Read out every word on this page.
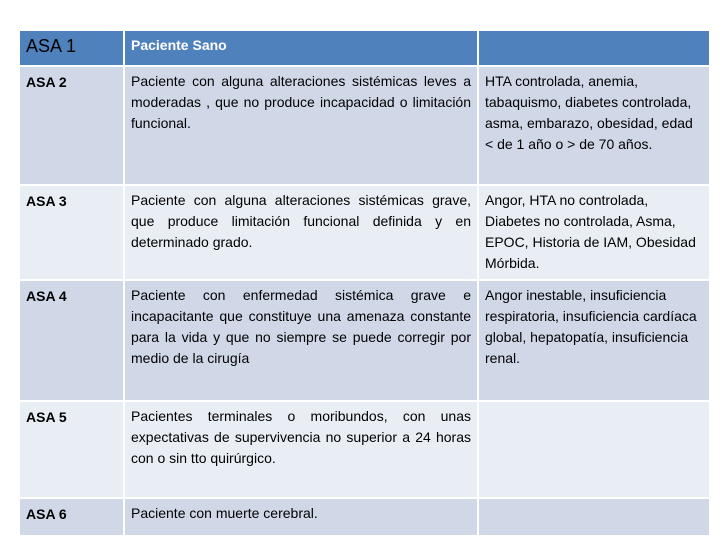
ASA 1	Paciente Sano	
ASA 2	Paciente con alguna alteraciones sistémicas leves a moderadas , que no produce incapacidad o limitación funcional.	HTA controlada, anemia, tabaquismo, diabetes controlada, asma, embarazo, obesidad, edad < de 1 año o > de 70 años.
ASA 3	Paciente con alguna alteraciones sistémicas grave, que produce limitación funcional definida y en determinado grado.	Angor, HTA no controlada, Diabetes no controlada, Asma, EPOC, Historia de IAM, Obesidad Mórbida.
ASA 4	Paciente con enfermedad sistémica grave e incapacitante que constituye una amenaza constante para la vida y que no siempre se puede corregir por medio de la cirugía	Angor inestable, insuficiencia respiratoria, insuficiencia cardíaca global, hepatopatía, insuficiencia renal.
ASA 5	Pacientes terminales o moribundos, con unas expectativas de supervivencia no superior a 24 horas con o sin tto quirúrgico.	
ASA 6	Paciente con muerte cerebral.	
